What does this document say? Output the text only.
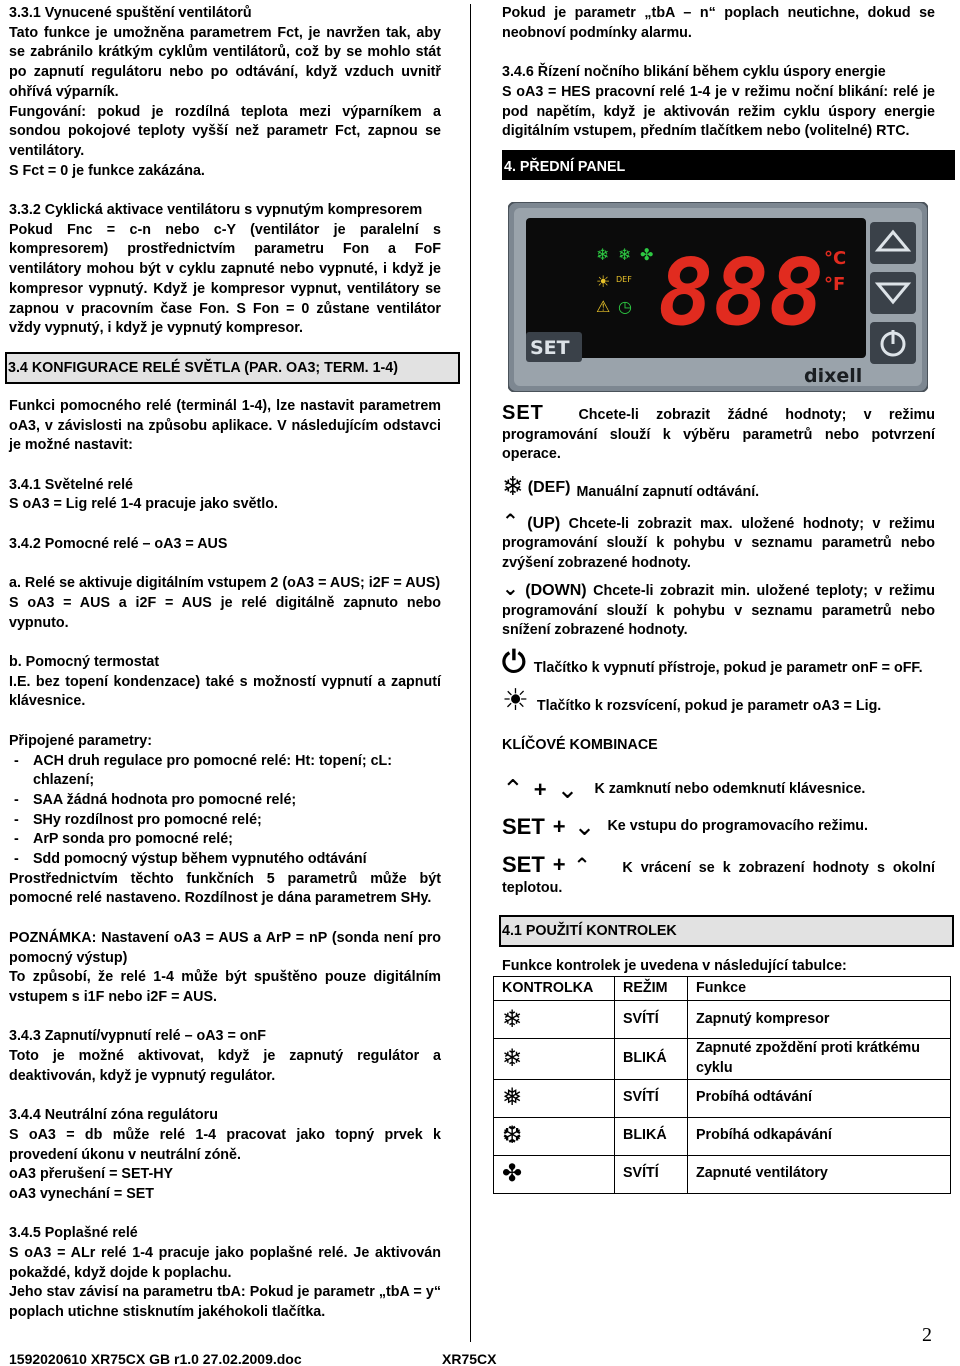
3.3.1 Vynucené spuštění ventilátorů

Tato funkce je umožněna parametrem Fct, je navržen tak, aby se zabránilo krátkým cyklům ventilátorů, což by se mohlo stát po zapnutí regulátoru nebo po odtávání, když vzduch uvnitř ohřívá výparník.

Fungování: pokud je rozdílná teplota mezi výparníkem a sondou pokojové teploty vyšší než parametr Fct, zapnou se ventilátory.

S Fct = 0 je funkce zakázána.

3.3.2 Cyklická aktivace ventilátoru s vypnutým kompresorem

Pokud Fnc = c-n nebo c-Y (ventilátor je paralelní s kompresorem) prostřednictvím parametru Fon a FoF ventilátory mohou být v cyklu zapnuté nebo vypnuté, i když je kompresor vypnutý. Když je kompresor vypnut, ventilátory se zapnou v pracovním čase Fon. S Fon = 0 zůstane ventilátor vždy vypnutý, i když je vypnutý kompresor.

3.4 KONFIGURACE RELÉ SVĚTLA (PAR. OA3; TERM. 1-4)

Funkci pomocného relé (terminál 1-4), lze nastavit parametrem oA3, v závislosti na způsobu aplikace. V následujícím odstavci je možné nastavit:

3.4.1 Světelné relé

S oA3 = Lig relé 1-4 pracuje jako světlo.

3.4.2 Pomocné relé – oA3 = AUS

a. Relé se aktivuje digitálním vstupem 2 (oA3 = AUS; i2F = AUS)

S oA3 = AUS a i2F = AUS je relé digitálně zapnuto nebo vypnuto.

b. Pomocný termostat

I.E. bez topení kondenzace) také s možností vypnutí a zapnutí klávesnice.

Připojené parametry:

- ACH druh regulace pro pomocné relé: Ht: topení; cL: chlazení;
- SAA žádná hodnota pro pomocné relé;
- SHy rozdílnost pro pomocné relé;
- ArP sonda pro pomocné relé;
- Sdd pomocný výstup během vypnutého odtávání

Prostřednictvím těchto funkčních 5 parametrů může být pomocné relé nastaveno. Rozdílnost je dána parametrem SHy.

POZNÁMKA: Nastavení oA3 = AUS a ArP = nP (sonda není pro pomocný výstup)

To způsobí, že relé 1-4 může být spuštěno pouze digitálním vstupem s i1F nebo i2F = AUS.

3.4.3 Zapnutí/vypnutí relé – oA3 = onF

Toto je možné aktivovat, když je zapnutý regulátor a deaktivován, když je vypnutý regulátor.

3.4.4 Neutrální zóna regulátoru

S oA3 = db může relé 1-4 pracovat jako topný prvek k provedení úkonu v neutrální zóně.

oA3 přerušení = SET-HY

oA3 vynechání = SET

3.4.5 Poplašné relé

S oA3 = ALr relé 1-4 pracuje jako poplašné relé. Je aktivován pokaždé, když dojde k poplachu.

Jeho stav závisí na parametru tbA: Pokud je parametr „tbA = y“ poplach utichne stisknutím jakéhokoli tlačítka.

Pokud je parametr „tbA – n“ poplach neutichne, dokud se neobnoví podmínky alarmu.

3.4.6 Řízení nočního blikání během cyklu úspory energie

S oA3 = HES pracovní relé 1-4 je v režimu noční blikání: relé je pod napětím, když je aktivován režim cyklu úspory energie digitálním vstupem, předním tlačítkem nebo (volitelné) RTC.

4. PŘEDNÍ PANEL
❄ ❄ ✤
☀ DEF
⚠ ◷ 888 °C
°F
SET
dixell

SET Chcete-li zobrazit žádné hodnoty; v režimu programování slouží k výběru parametrů nebo potvrzení operace.

❄ (DEF) Manuální zapnutí odtávání.

⌃ (UP) Chcete-li zobrazit max. uložené hodnoty; v režimu programování slouží k pohybu v seznamu parametrů nebo zvýšení zobrazené hodnoty.

⌄ (DOWN) Chcete-li zobrazit min. uložené teploty; v režimu programování slouží k pohybu v seznamu parametrů nebo snížení zobrazené hodnoty.

⏻ Tlačítko k vypnutí přístroje, pokud je parametr onF = oFF.

☀ Tlačítko k rozsvícení, pokud je parametr oA3 = Lig.

KLÍČOVÉ KOMBINACE

⌃ + ⌄ K zamknutí nebo odemknutí klávesnice.
SET + ⌄ Ke vstupu do programovacího režimu.

SET + ⌃ K vrácení se k zobrazení hodnoty s okolní teplotou.

4.1 POUŽITÍ KONTROLEK

Funkce kontrolek je uvedena v následující tabulce:

KONTROLKA	REŽIM	Funkce
❄	SVÍTÍ	Zapnutý kompresor
❄	BLIKÁ	Zapnuté zpoždění proti krátkému cyklu
❅	SVÍTÍ	Probíhá odtávání
❆	BLIKÁ	Probíhá odkapávání
✤	SVÍTÍ	Zapnuté ventilátory
1592020610 XR75CX GB r1.0 27.02.2009.doc	XR75CX
2
